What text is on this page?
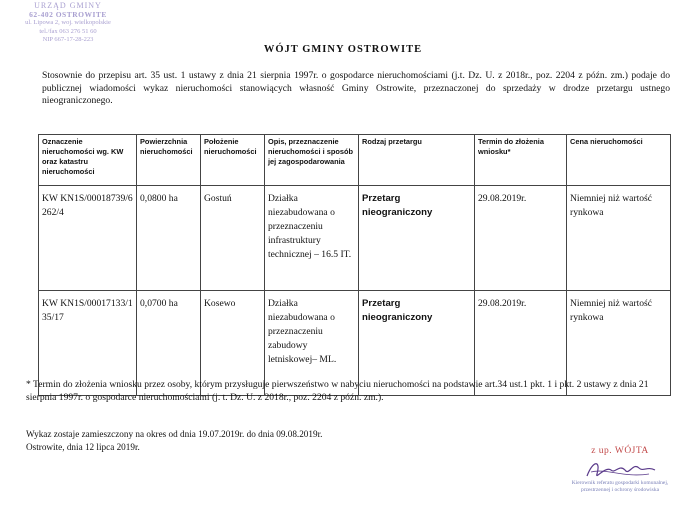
URZĄD GMINY
62-402 OSTROWITE
ul. Lipowa 2, woj. wielkopolskie
tel./fax 063 276 51 60
NIP 667-17-28-223
WÓJT GMINY OSTROWITE
Stosownie do przepisu art. 35 ust. 1 ustawy z dnia 21 sierpnia 1997r. o gospodarce nieruchomościami (j.t. Dz. U. z 2018r., poz. 2204 z późn. zm.) podaje do publicznej wiadomości wykaz nieruchomości stanowiących własność Gminy Ostrowite, przeznaczonej do sprzedaży w drodze przetargu ustnego nieograniczonego.
Oznaczenie nieruchomości wg. KW oraz katastru nieruchomości	Powierzchnia nieruchomości	Położenie nieruchomości	Opis, przeznaczenie nieruchomości i sposób jej zagospodarowania	Rodzaj przetargu	Termin do złożenia wniosku*	Cena nieruchomości
KW KN1S/00018739/6 262/4	0,0800 ha	Gostuń	Działka niezabudowana o przeznaczeniu infrastruktury technicznej – 16.5 IT.	Przetarg nieograniczony	29.08.2019r.	Niemniej niż wartość rynkowa
KW KN1S/00017133/1 35/17	0,0700 ha	Kosewo	Działka niezabudowana o przeznaczeniu zabudowy letniskowej– ML.	Przetarg nieograniczony	29.08.2019r.	Niemniej niż wartość rynkowa
* Termin do złożenia wniosku przez osoby, którym przysługuje pierwszeństwo w nabyciu nieruchomości na podstawie art.34 ust.1 pkt. 1 i pkt. 2 ustawy z dnia 21 sierpnia 1997r. o gospodarce nieruchomościami (j. t. Dz. U. z 2018r., poz. 2204 z późn. zm.).
Wykaz zostaje zamieszczony na okres od dnia 19.07.2019r. do dnia 09.08.2019r.
Ostrowite, dnia 12 lipca 2019r.	z up. WÓJTA
Kierownik referatu gospodarki komunalnej,
przestrzennej i ochrony środowiska
